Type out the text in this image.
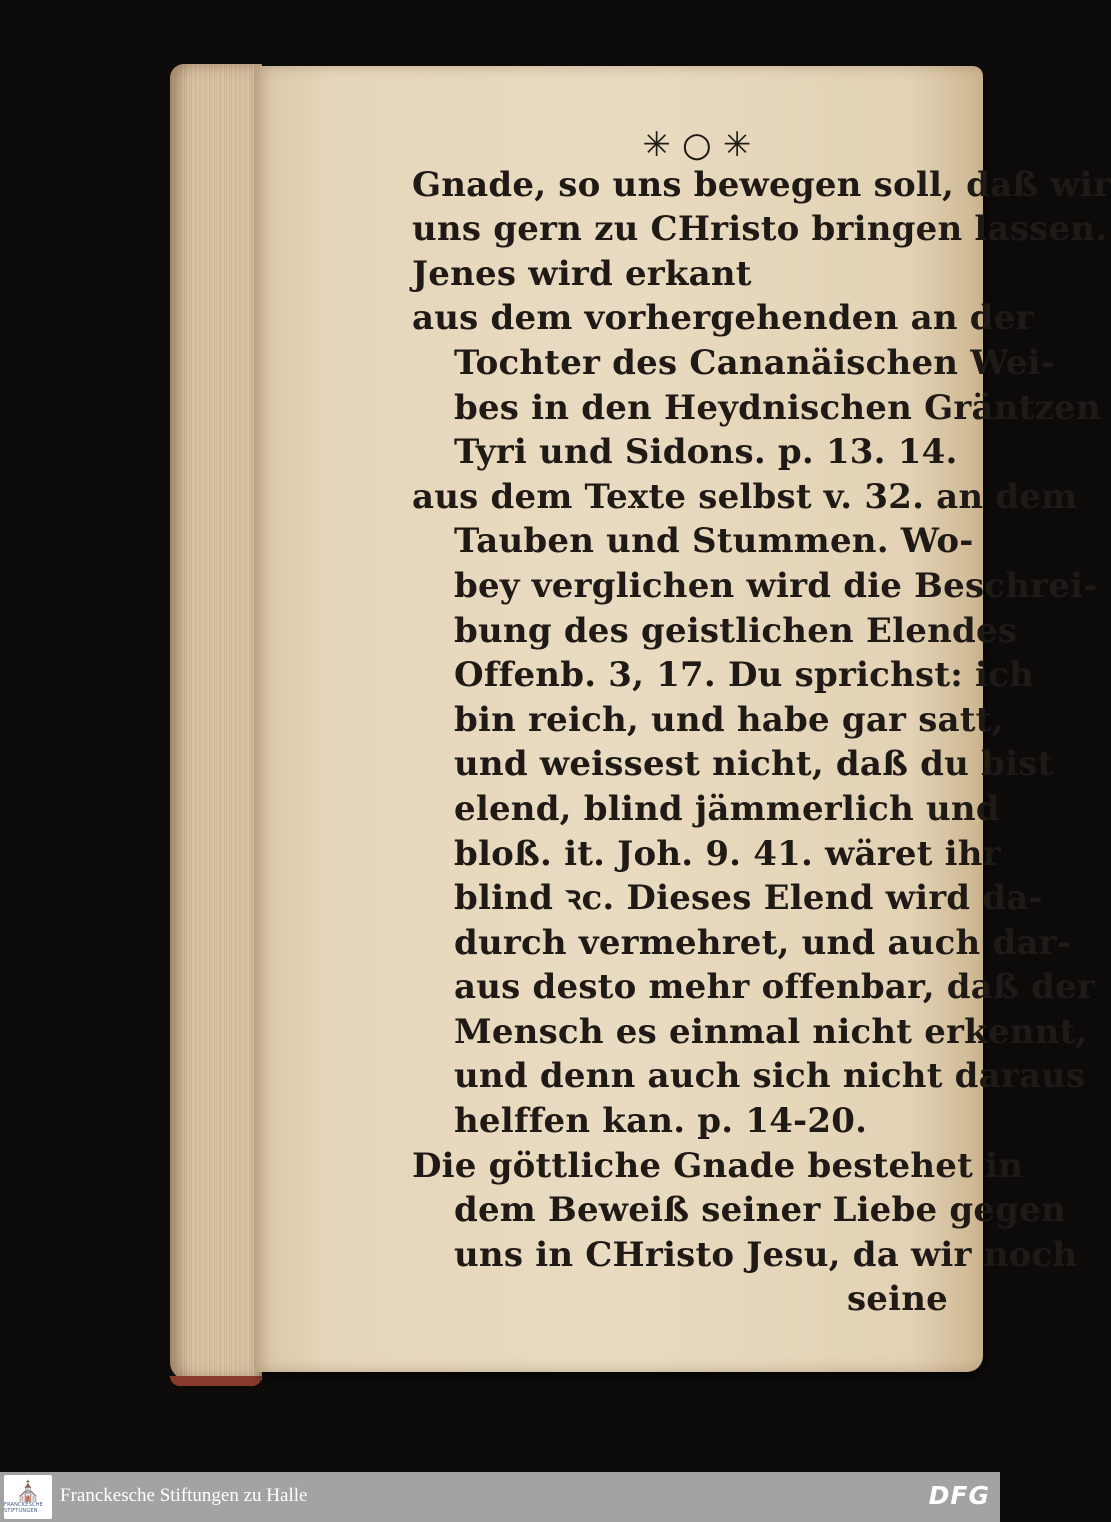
✳ ○ ✳
Gnade, so uns bewegen soll, daß wir
uns gern zu CHristo bringen lassen.
Jenes wird erkant
aus dem vorhergehenden an der
Tochter des Cananäischen Wei-
bes in den Heydnischen Gräntzen
Tyri und Sidons. p. 13. 14.
aus dem Texte selbst v. 32. an dem
Tauben und Stummen. Wo-
bey verglichen wird die Beschrei-
bung des geistlichen Elendes
Offenb. 3, 17. Du sprichst: ich
bin reich, und habe gar satt,
und weissest nicht, daß du bist
elend, blind jämmerlich und
bloß. it. Joh. 9. 41. wäret ihr
blind ꝛc. Dieses Elend wird da-
durch vermehret, und auch dar-
aus desto mehr offenbar, daß der
Mensch es einmal nicht erkennt,
und denn auch sich nicht daraus
helffen kan. p. 14-20.
Die göttliche Gnade bestehet in
dem Beweiß seiner Liebe gegen
uns in CHristo Jesu, da wir noch
seine
⛪
FRANCKESCHE STIFTUNGEN
Franckesche Stiftungen zu Halle	DFG
